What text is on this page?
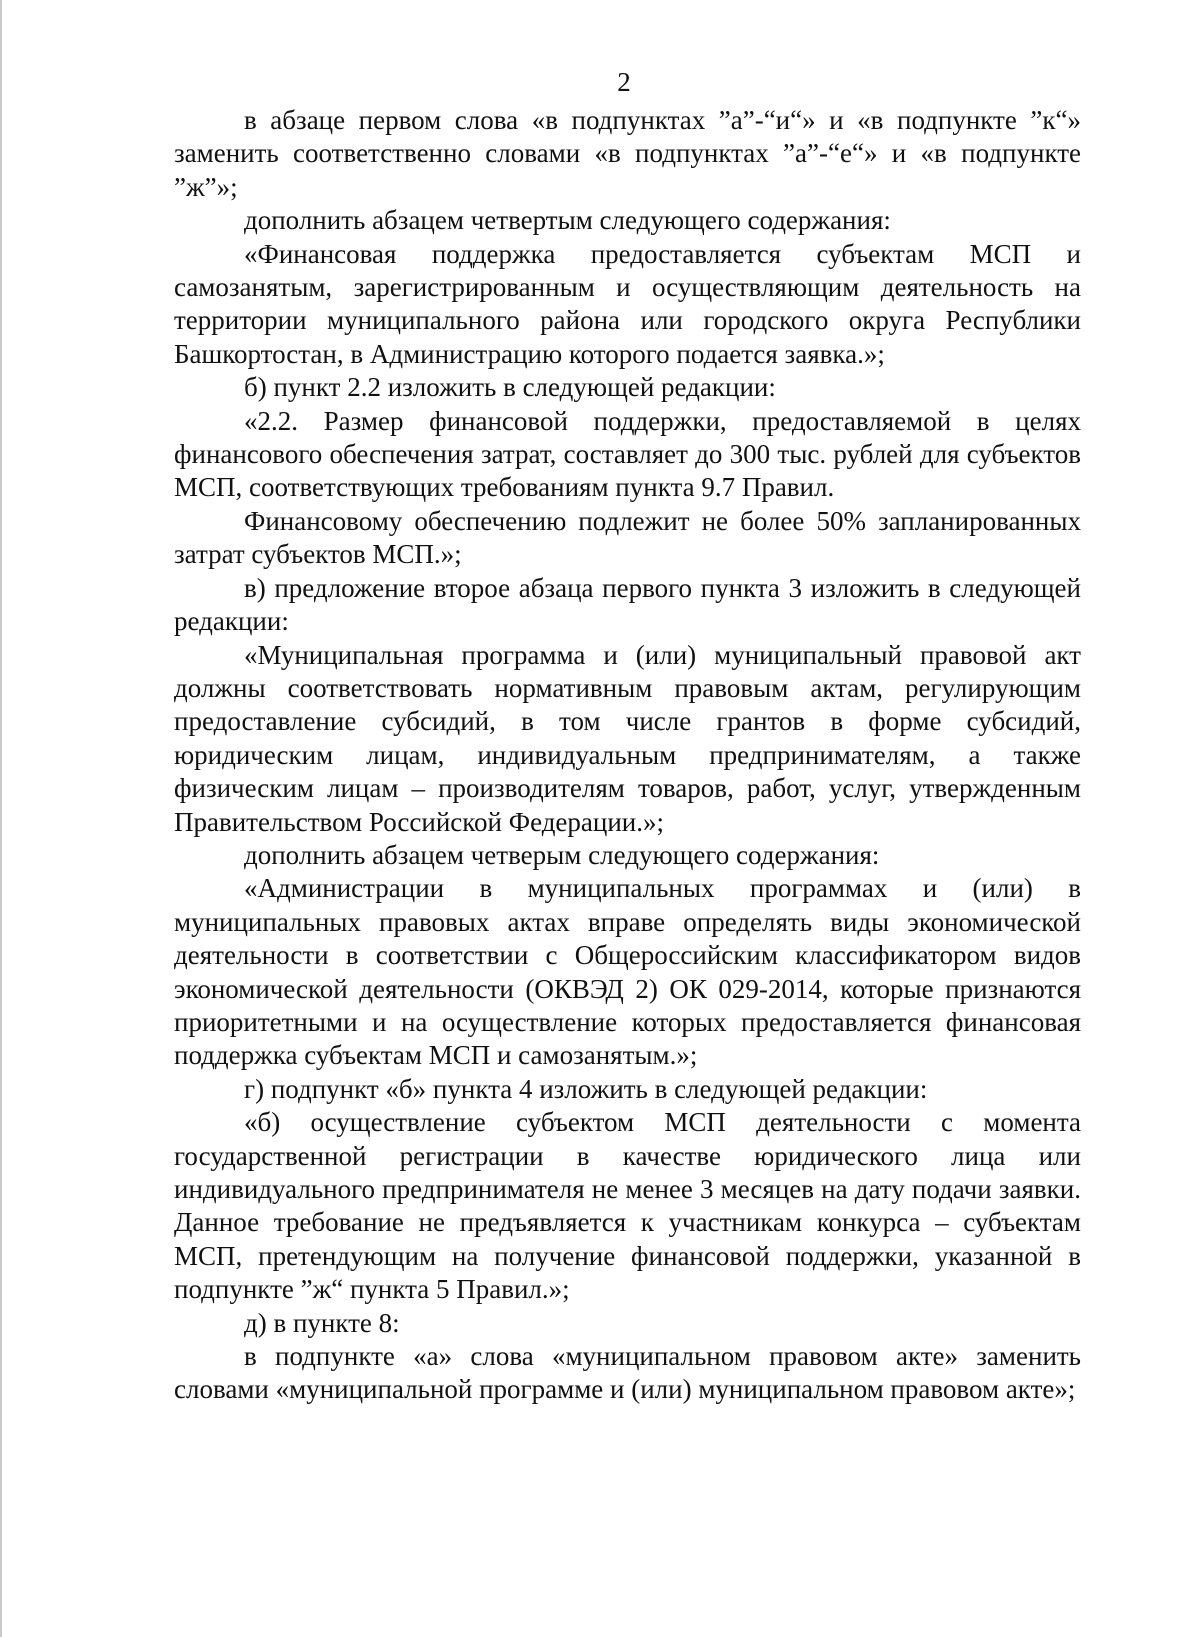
2

в абзаце первом слова «в подпунктах ”а”-“и“» и «в подпункте ”к“» заменить соответственно словами «в подпунктах ”а”-“е“» и «в подпункте ”ж”»;

дополнить абзацем четвертым следующего содержания:

«Финансовая поддержка предоставляется субъектам МСП и самозанятым, зарегистрированным и осуществляющим деятельность на территории муниципального района или городского округа Республики Башкортостан, в Администрацию которого подается заявка.»;

б) пункт 2.2 изложить в следующей редакции:

«2.2. Размер финансовой поддержки, предоставляемой в целях финансового обеспечения затрат, составляет до 300 тыс. рублей для субъектов МСП, соответствующих требованиям пункта 9.7 Правил.

Финансовому обеспечению подлежит не более 50% запланированных затрат субъектов МСП.»;

в) предложение второе абзаца первого пункта 3 изложить в следующей редакции:

«Муниципальная программа и (или) муниципальный правовой акт должны соответствовать нормативным правовым актам, регулирующим предоставление субсидий, в том числе грантов в форме субсидий, юридическим лицам, индивидуальным предпринимателям, а также физическим лицам – производителям товаров, работ, услуг, утвержденным Правительством Российской Федерации.»;

дополнить абзацем четверым следующего содержания:

«Администрации в муниципальных программах и (или) в муниципальных правовых актах вправе определять виды экономической деятельности в соответствии с Общероссийским классификатором видов экономической деятельности (ОКВЭД 2) ОК 029-2014, которые признаются приоритетными и на осуществление которых предоставляется финансовая поддержка субъектам МСП и самозанятым.»;

г) подпункт «б» пункта 4 изложить в следующей редакции:

«б) осуществление субъектом МСП деятельности с момента государственной регистрации в качестве юридического лица или индивидуального предпринимателя не менее 3 месяцев на дату подачи заявки. Данное требование не предъявляется к участникам конкурса – субъектам МСП, претендующим на получение финансовой поддержки, указанной в подпункте ”ж“ пункта 5 Правил.»;

д) в пункте 8:

в подпункте «а» слова «муниципальном правовом акте» заменить словами «муниципальной программе и (или) муниципальном правовом акте»;
